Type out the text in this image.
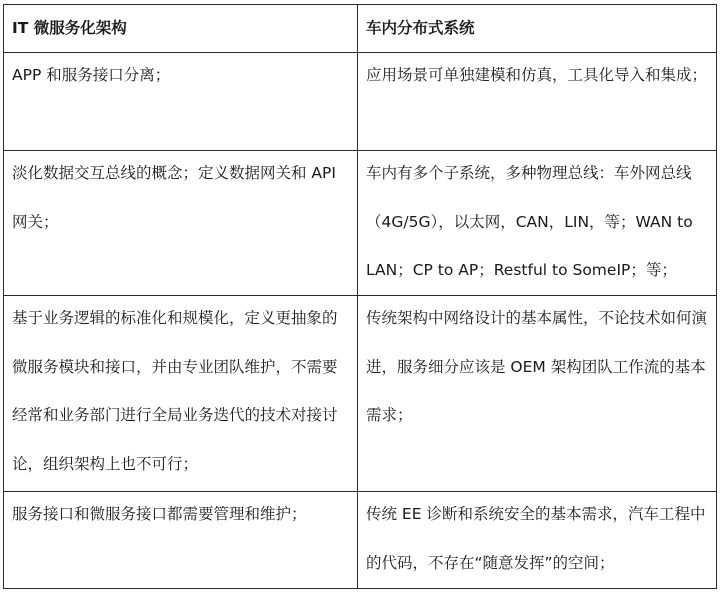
IT 微服务化架构	车内分布式系统

APP 和服务接口分离；	应用场景可单独建模和仿真，工具化导入和集成；

淡化数据交互总线的概念；定义数据网关和 API 网关；	车内有多个子系统，多种物理总线：车外网总线（4G/5G），以太网，CAN，LIN，等；WAN to LAN；CP to AP；Restful to SomeIP；等；

基于业务逻辑的标准化和规模化，定义更抽象的微服务模块和接口，并由专业团队维护，不需要经常和业务部门进行全局业务迭代的技术对接讨论，组织架构上也不可行；	传统架构中网络设计的基本属性，不论技术如何演进，服务细分应该是 OEM 架构团队工作流的基本需求；

服务接口和微服务接口都需要管理和维护；	传统 EE 诊断和系统安全的基本需求，汽车工程中的代码，不存在“随意发挥”的空间；
